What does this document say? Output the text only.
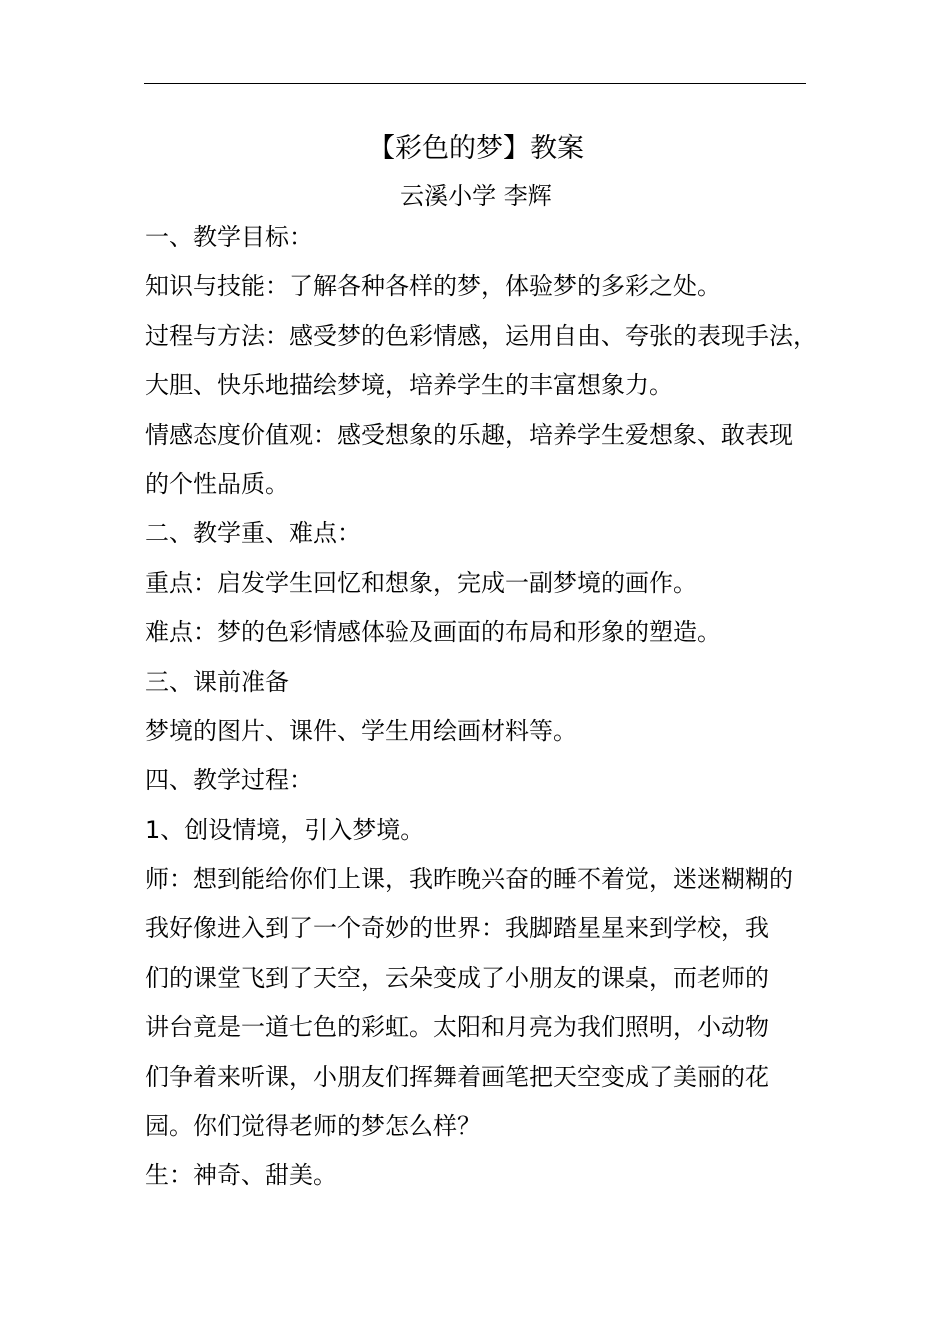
【彩色的梦】教案
云溪小学 李辉
一、教学目标：
知识与技能：了解各种各样的梦，体验梦的多彩之处。
过程与方法：感受梦的色彩情感，运用自由、夸张的表现手法，
大胆、快乐地描绘梦境，培养学生的丰富想象力。
情感态度价值观：感受想象的乐趣，培养学生爱想象、敢表现
的个性品质。
二、教学重、难点：
重点：启发学生回忆和想象，完成一副梦境的画作。
难点：梦的色彩情感体验及画面的布局和形象的塑造。
三、课前准备
梦境的图片、课件、学生用绘画材料等。
四、教学过程：
1、创设情境，引入梦境。
师：想到能给你们上课，我昨晚兴奋的睡不着觉，迷迷糊糊的
我好像进入到了一个奇妙的世界：我脚踏星星来到学校，我
们的课堂飞到了天空，云朵变成了小朋友的课桌，而老师的
讲台竟是一道七色的彩虹。太阳和月亮为我们照明，小动物
们争着来听课，小朋友们挥舞着画笔把天空变成了美丽的花
园。你们觉得老师的梦怎么样？
生：神奇、甜美。
